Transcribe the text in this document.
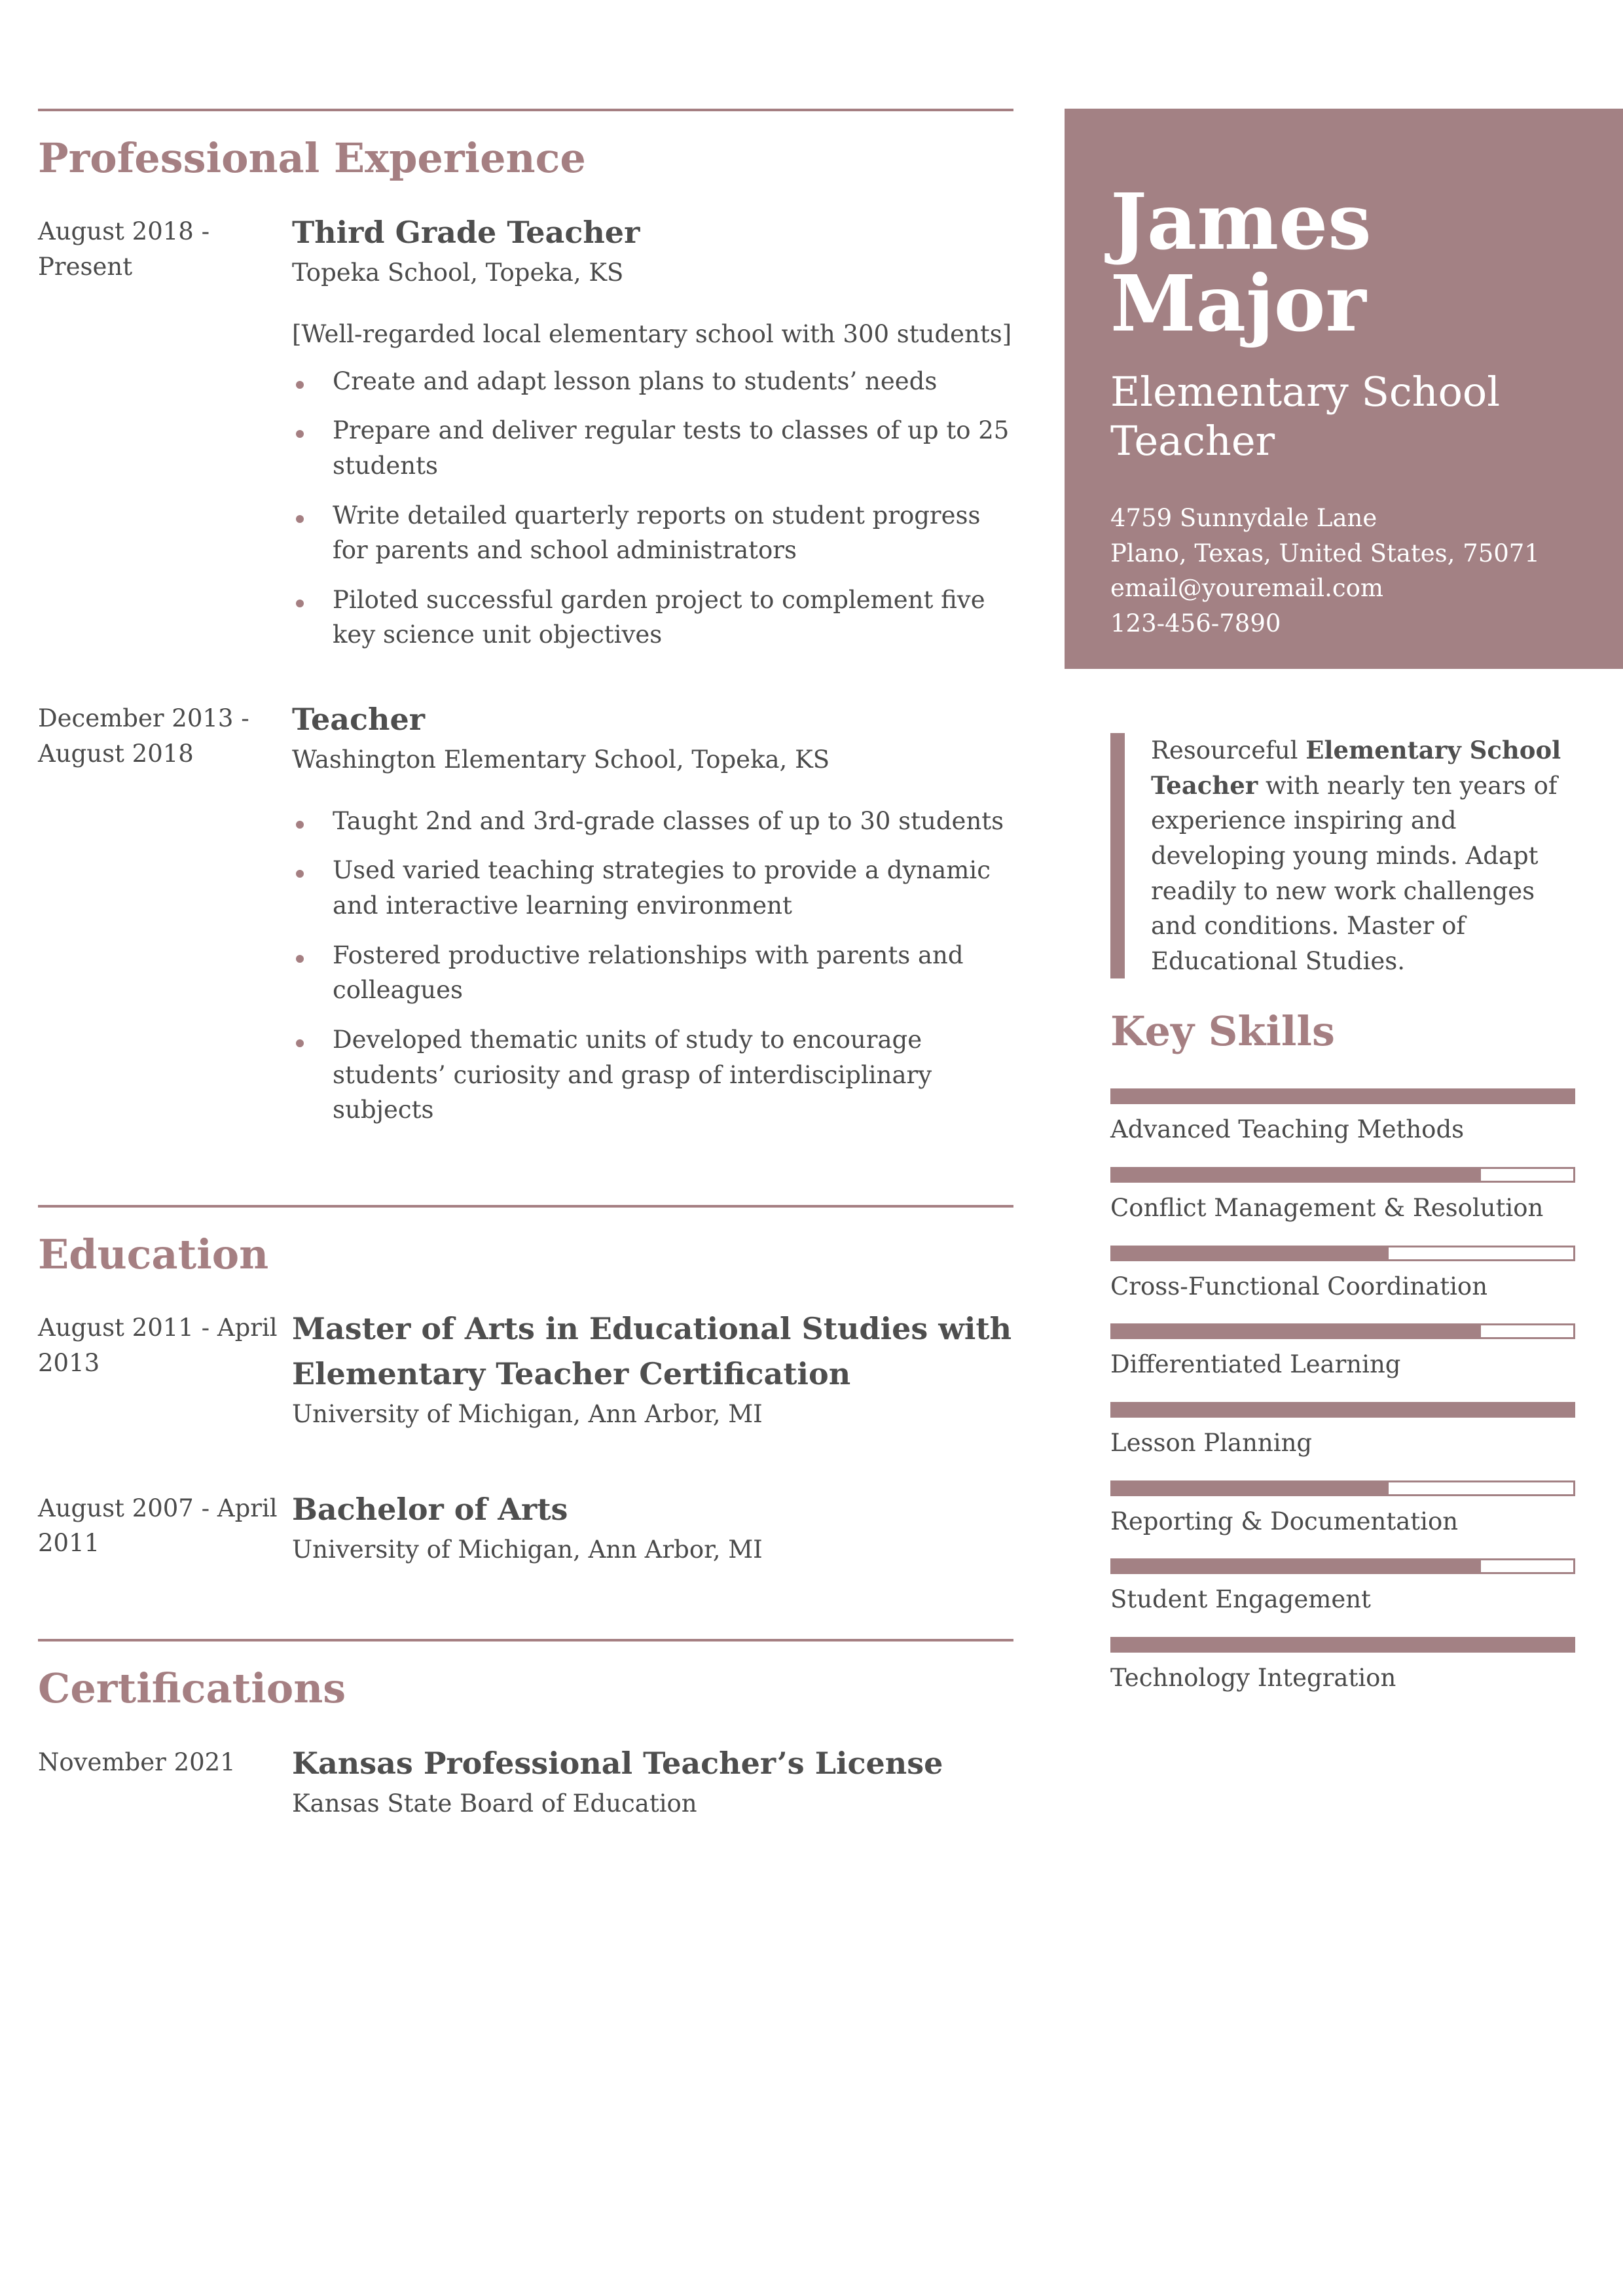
Professional Experience
August 2018 - Present
Third Grade Teacher
Topeka School, Topeka, KS
[Well-regarded local elementary school with 300 students]
Create and adapt lesson plans to students’ needs
Prepare and deliver regular tests to classes of up to 25 students
Write detailed quarterly reports on student progress for parents and school administrators
Piloted successful garden project to complement five key science unit objectives
December 2013 - August 2018
Teacher
Washington Elementary School, Topeka, KS
Taught 2nd and 3rd-grade classes of up to 30 students
Used varied teaching strategies to provide a dynamic and interactive learning environment
Fostered productive relationships with parents and colleagues
Developed thematic units of study to encourage students’ curiosity and grasp of interdisciplinary subjects
Education
August 2011 - April 2013
Master of Arts in Educational Studies with Elementary Teacher Certification
University of Michigan, Ann Arbor, MI
August 2007 - April 2011
Bachelor of Arts
University of Michigan, Ann Arbor, MI
Certifications
November 2021	Kansas Professional Teacher’s License
Kansas State Board of Education
James
Major
Elementary School
Teacher
4759 Sunnydale Lane
Plano, Texas, United States, 75071
email@youremail.com
123-456-7890
Resourceful Elementary School Teacher with nearly ten years of experience inspiring and developing young minds. Adapt readily to new work challenges and conditions. Master of Educational Studies.
Key Skills
Advanced Teaching Methods
Conflict Management & Resolution
Cross-Functional Coordination
Differentiated Learning
Lesson Planning
Reporting & Documentation
Student Engagement
Technology Integration
